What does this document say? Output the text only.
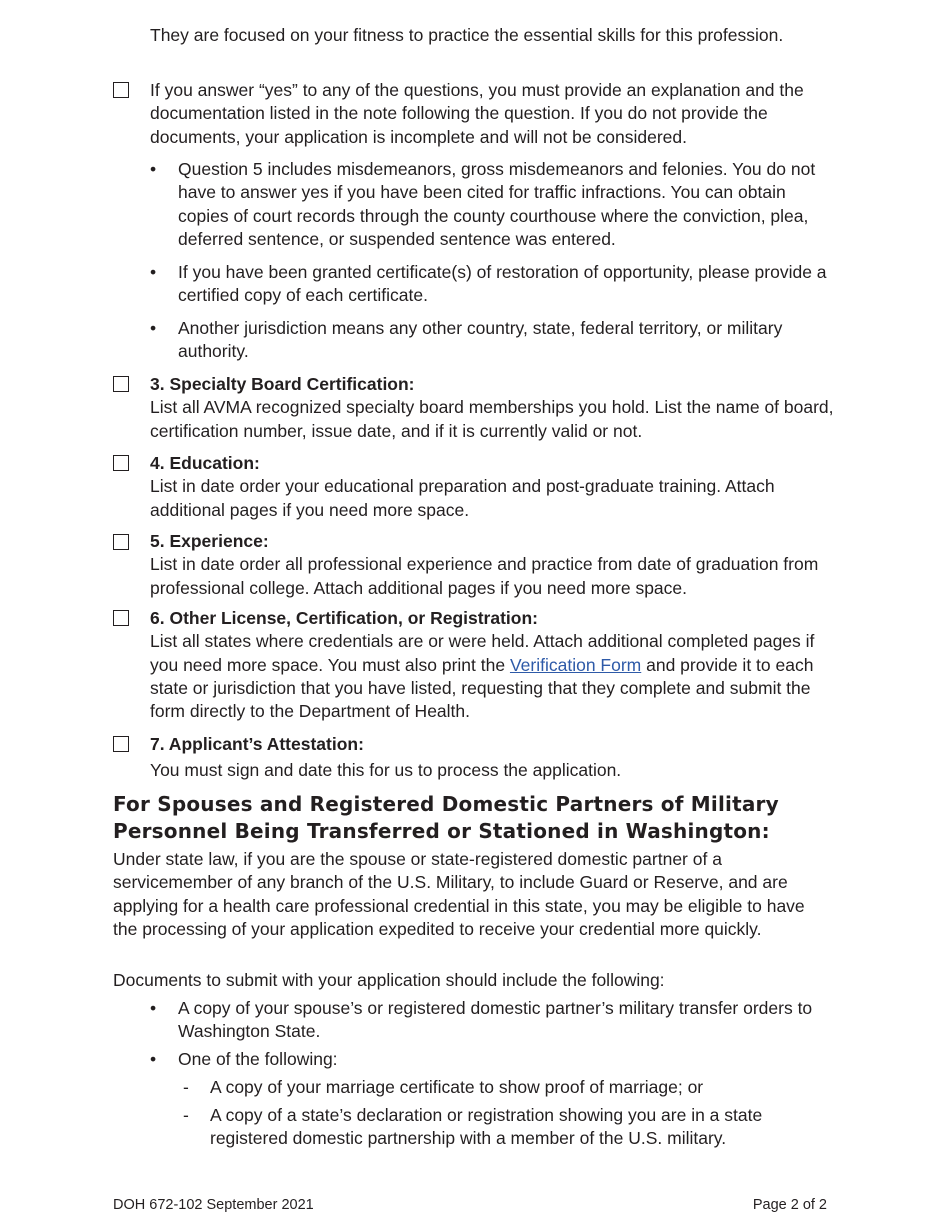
They are focused on your fitness to practice the essential skills for this profession.

If you answer “yes” to any of the questions, you must provide an explanation and the documentation listed in the note following the question. If you do not provide the documents, your application is incomplete and will not be considered.

•	Question 5 includes misdemeanors, gross misdemeanors and felonies. You do not have to answer yes if you have been cited for traffic infractions. You can obtain copies of court records through the county courthouse where the conviction, plea, deferred sentence, or suspended sentence was entered.
•	If you have been granted certificate(s) of restoration of opportunity, please provide a certified copy of each certificate.
•	Another jurisdiction means any other country, state, federal territory, or military authority.
3. Specialty Board Certification:
List all AVMA recognized specialty board memberships you hold. List the name of board, certification number, issue date, and if it is currently valid or not.
4. Education:
List in date order your educational preparation and post-graduate training. Attach additional pages if you need more space.
5. Experience:
List in date order all professional experience and practice from date of graduation from professional college. Attach additional pages if you need more space.
6. Other License, Certification, or Registration:
List all states where credentials are or were held. Attach additional completed pages if you need more space. You must also print the Verification Form and provide it to each state or jurisdiction that you have listed, requesting that they complete and submit the form directly to the Department of Health.
7. Applicant’s Attestation:
You must sign and date this for us to process the application.
For Spouses and Registered Domestic Partners of Military Personnel Being Transferred or Stationed in Washington:

Under state law, if you are the spouse or state-registered domestic partner of a servicemember of any branch of the U.S. Military, to include Guard or Reserve, and are applying for a health care professional credential in this state, you may be eligible to have the processing of your application expedited to receive your credential more quickly.

Documents to submit with your application should include the following:

•	A copy of your spouse’s or registered domestic partner’s military transfer orders to Washington State.
•	One of the following:
-	A copy of your marriage certificate to show proof of marriage; or
-	A copy of a state’s declaration or registration showing you are in a state registered domestic partnership with a member of the U.S. military.
DOH 672-102 September 2021	Page 2 of 2
